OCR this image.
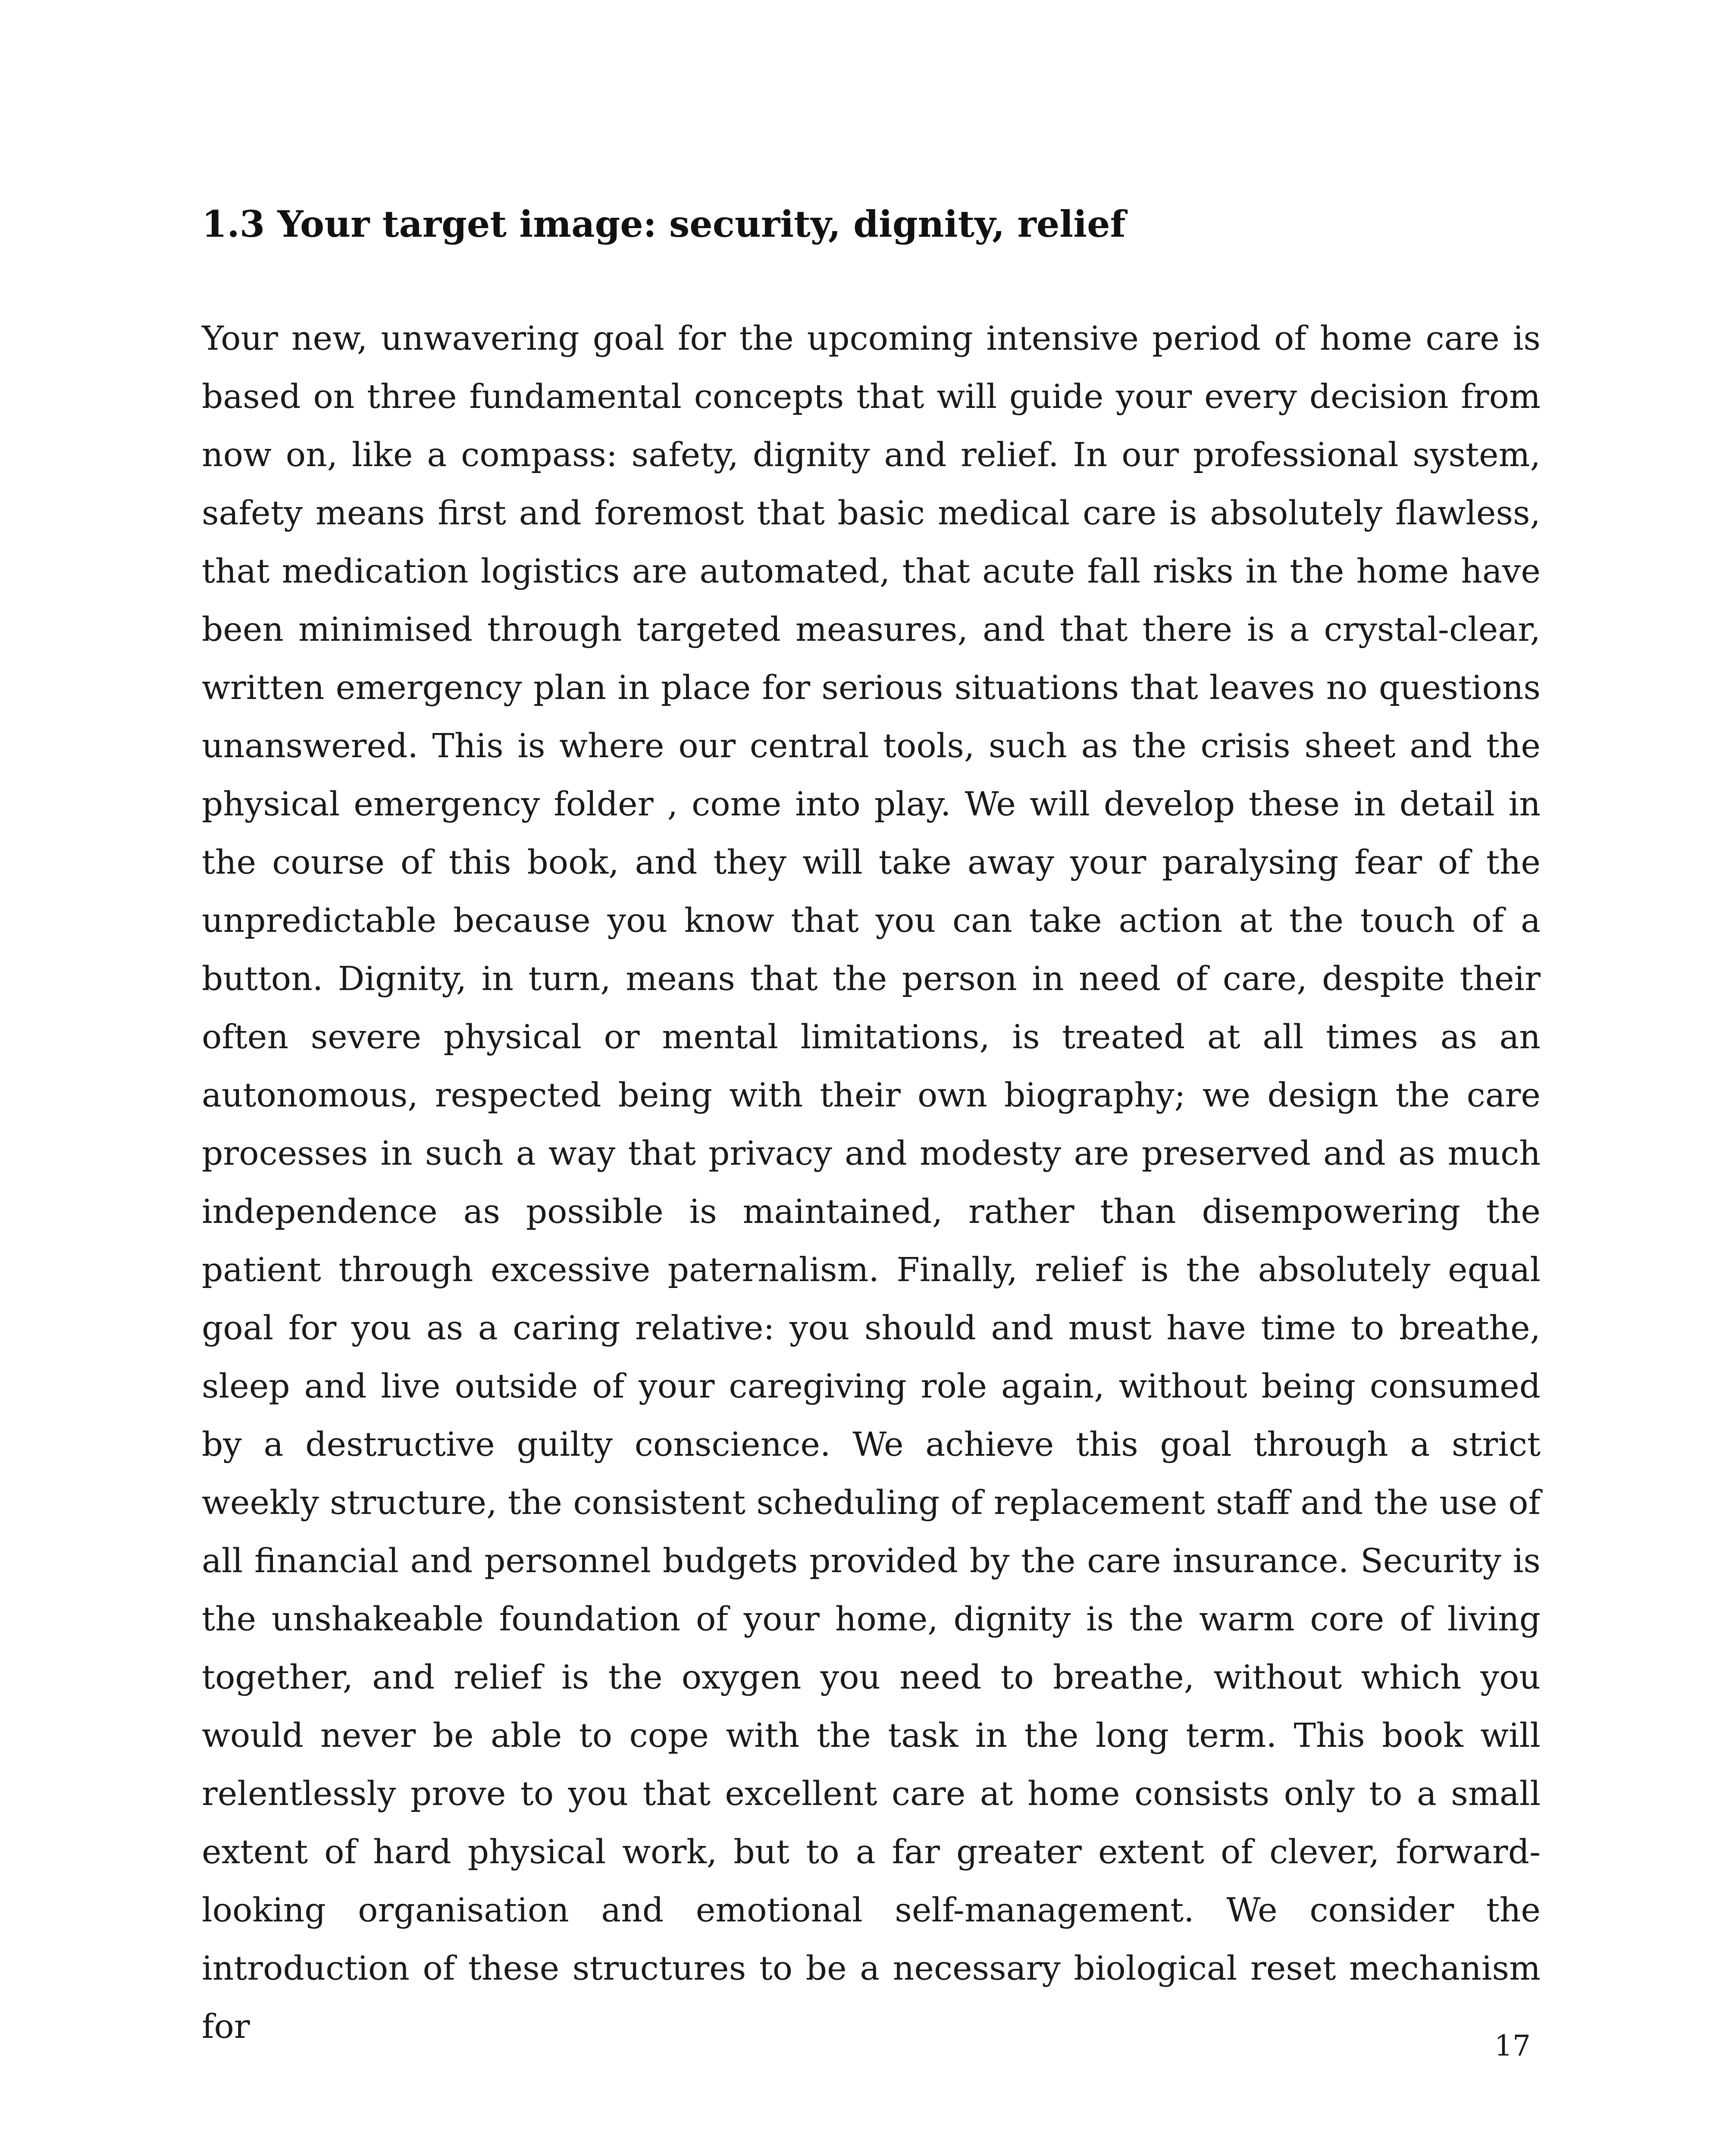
1.3 Your target image: security, dignity, relief

Your new, unwavering goal for the upcoming intensive period of home care is based on three fundamental concepts that will guide your every decision from now on, like a compass: safety, dignity and relief. In our professional system, safety means first and foremost that basic medical care is absolutely flawless, that medication logistics are automated, that acute fall risks in the home have been minimised through targeted measures, and that there is a crystal-clear, written emergency plan in place for serious situations that leaves no questions unanswered. This is where our central tools, such as the crisis sheet and the physical emergency folder , come into play. We will develop these in detail in the course of this book, and they will take away your paralysing fear of the unpredictable because you know that you can take action at the touch of a button. Dignity, in turn, means that the person in need of care, despite their often severe physical or mental limitations, is treated at all times as an autonomous, respected being with their own biography; we design the care processes in such a way that privacy and modesty are preserved and as much independence as possible is maintained, rather than disempowering the patient through excessive paternalism. Finally, relief is the absolutely equal goal for you as a caring relative: you should and must have time to breathe, sleep and live outside of your caregiving role again, without being consumed by a destructive guilty conscience. We achieve this goal through a strict weekly structure, the consistent scheduling of replacement staff and the use of all financial and personnel budgets provided by the care insurance. Security is the unshakeable foundation of your home, dignity is the warm core of living together, and relief is the oxygen you need to breathe, without which you would never be able to cope with the task in the long term. This book will relentlessly prove to you that excellent care at home consists only to a small extent of hard physical work, but to a far greater extent of clever, forward-looking organisation and emotional self-management. We consider the introduction of these structures to be a necessary biological reset mechanism for	17
